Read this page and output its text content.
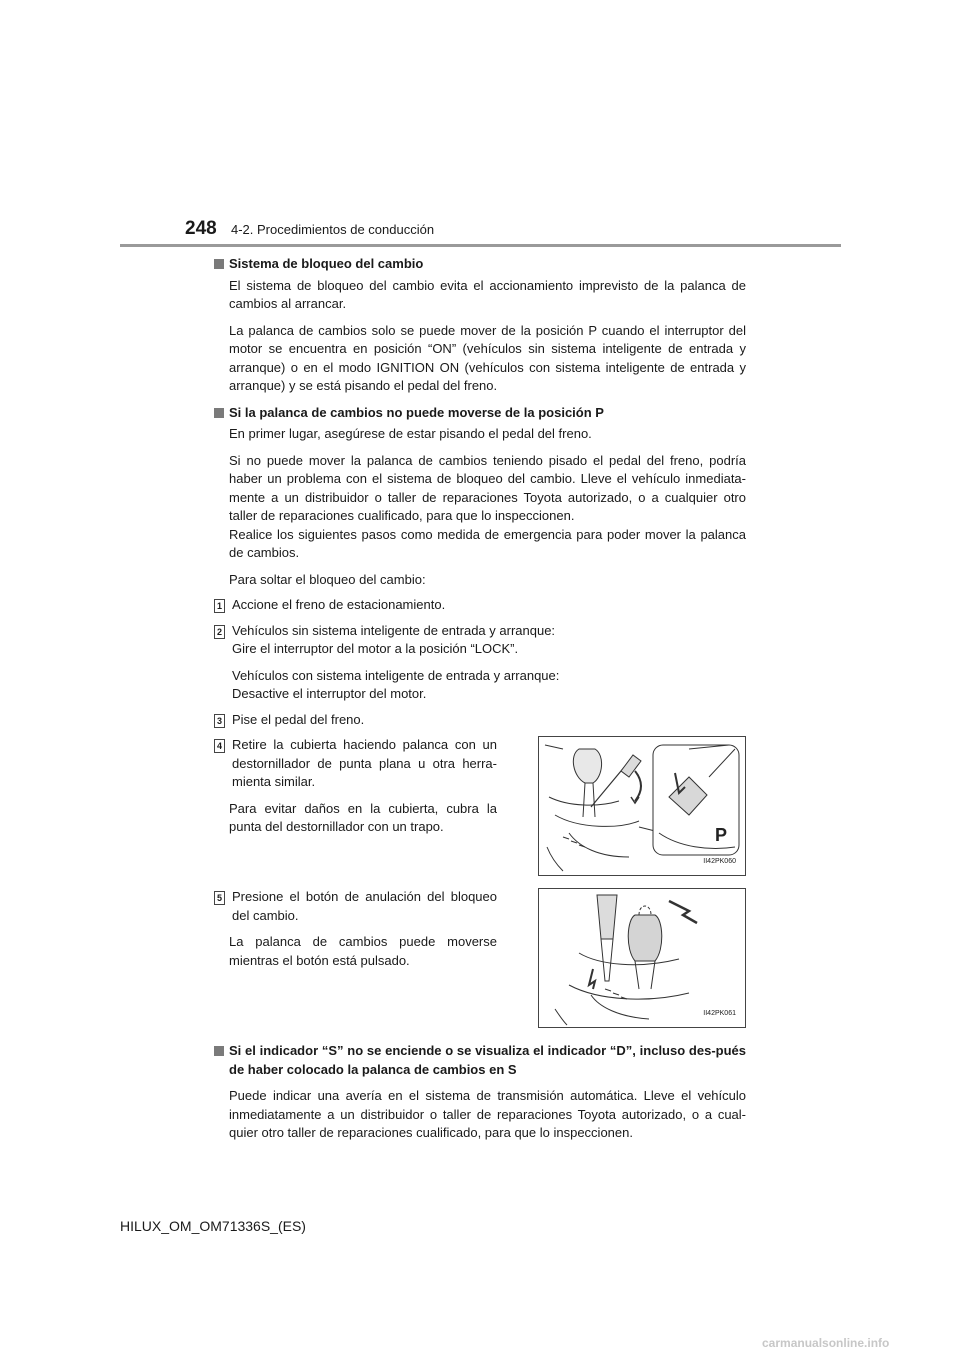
248 4-2. Procedimientos de conducción
Sistema de bloqueo del cambio
El sistema de bloqueo del cambio evita el accionamiento imprevisto de la palanca de cambios al arrancar.
La palanca de cambios solo se puede mover de la posición P cuando el interruptor del motor se encuentra en posición “ON” (vehículos sin sistema inteligente de entrada y arranque) o en el modo IGNITION ON (vehículos con sistema inteligente de entrada y arranque) y se está pisando el pedal del freno.
Si la palanca de cambios no puede moverse de la posición P
En primer lugar, asegúrese de estar pisando el pedal del freno.
Si no puede mover la palanca de cambios teniendo pisado el pedal del freno, podría haber un problema con el sistema de bloqueo del cambio. Lleve el vehículo inmediata-mente a un distribuidor o taller de reparaciones Toyota autorizado, o a cualquier otro taller de reparaciones cualificado, para que lo inspeccionen.
Realice los siguientes pasos como medida de emergencia para poder mover la palanca de cambios.
Para soltar el bloqueo del cambio:
1 Accione el freno de estacionamiento.
2 Vehículos sin sistema inteligente de entrada y arranque:
Gire el interruptor del motor a la posición “LOCK”.
Vehículos con sistema inteligente de entrada y arranque:
Desactive el interruptor del motor.
3 Pise el pedal del freno.
4 Retire la cubierta haciendo palanca con un destornillador de punta plana u otra herra-mienta similar.
Para evitar daños en la cubierta, cubra la punta del destornillador con un trapo.	P
II42PK060
5 Presione el botón de anulación del bloqueo del cambio.
La palanca de cambios puede moverse mientras el botón está pulsado.
II42PK061
Si el indicador “S” no se enciende o se visualiza el indicador “D”, incluso des-pués de haber colocado la palanca de cambios en S
Puede indicar una avería en el sistema de transmisión automática. Lleve el vehículo inmediatamente a un distribuidor o taller de reparaciones Toyota autorizado, o a cual-quier otro taller de reparaciones cualificado, para que lo inspeccionen.
HILUX_OM_OM71336S_(ES)
carmanualsonline.info
